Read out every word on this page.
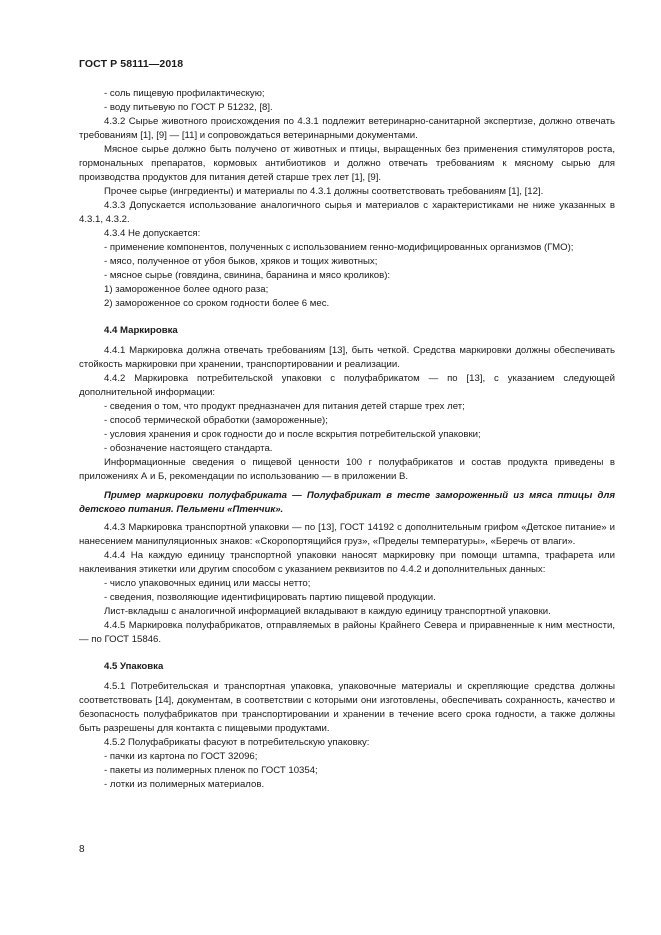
ГОСТ Р 58111—2018

- соль пищевую профилактическую;

- воду питьевую по ГОСТ Р 51232, [8].

4.3.2 Сырье животного происхождения по 4.3.1 подлежит ветеринарно-санитарной экспертизе, должно отвечать требованиям [1], [9] — [11] и сопровождаться ветеринарными документами.

Мясное сырье должно быть получено от животных и птицы, выращенных без применения стимуляторов роста, гормональных препаратов, кормовых антибиотиков и должно отвечать требованиям к мясному сырью для производства продуктов для питания детей старше трех лет [1], [9].

Прочее сырье (ингредиенты) и материалы по 4.3.1 должны соответствовать требованиям [1], [12].

4.3.3 Допускается использование аналогичного сырья и материалов с характеристиками не ниже указанных в 4.3.1, 4.3.2.

4.3.4 Не допускается:

- применение компонентов, полученных с использованием генно-модифицированных организмов (ГМО);

- мясо, полученное от убоя быков, хряков и тощих животных;

- мясное сырье (говядина, свинина, баранина и мясо кроликов):

1) замороженное более одного раза;

2) замороженное со сроком годности более 6 мес.

4.4 Маркировка

4.4.1 Маркировка должна отвечать требованиям [13], быть четкой. Средства маркировки должны обеспечивать стойкость маркировки при хранении, транспортировании и реализации.

4.4.2 Маркировка потребительской упаковки с полуфабрикатом — по [13], с указанием следующей дополнительной информации:

- сведения о том, что продукт предназначен для питания детей старше трех лет;

- способ термической обработки (замороженные);

- условия хранения и срок годности до и после вскрытия потребительской упаковки;

- обозначение настоящего стандарта.

Информационные сведения о пищевой ценности 100 г полуфабрикатов и состав продукта приведены в приложениях А и Б, рекомендации по использованию — в приложении В.

Пример маркировки полуфабриката — Полуфабрикат в тесте замороженный из мяса птицы для детского питания. Пельмени «Птенчик».

4.4.3 Маркировка транспортной упаковки — по [13], ГОСТ 14192 с дополнительным грифом «Детское питание» и нанесением манипуляционных знаков: «Скоропортящийся груз», «Пределы температуры», «Беречь от влаги».

4.4.4 На каждую единицу транспортной упаковки наносят маркировку при помощи штампа, трафарета или наклеивания этикетки или другим способом с указанием реквизитов по 4.4.2 и дополнительных данных:

- число упаковочных единиц или массы нетто;

- сведения, позволяющие идентифицировать партию пищевой продукции.

Лист-вкладыш с аналогичной информацией вкладывают в каждую единицу транспортной упаковки.

4.4.5 Маркировка полуфабрикатов, отправляемых в районы Крайнего Севера и приравненные к ним местности, — по ГОСТ 15846.

4.5 Упаковка

4.5.1 Потребительская и транспортная упаковка, упаковочные материалы и скрепляющие средства должны соответствовать [14], документам, в соответствии с которыми они изготовлены, обеспечивать сохранность, качество и безопасность полуфабрикатов при транспортировании и хранении в течение всего срока годности, а также должны быть разрешены для контакта с пищевыми продуктами.

4.5.2 Полуфабрикаты фасуют в потребительскую упаковку:

- пачки из картона по ГОСТ 32096;

- пакеты из полимерных пленок по ГОСТ 10354;

- лотки из полимерных материалов.

8
